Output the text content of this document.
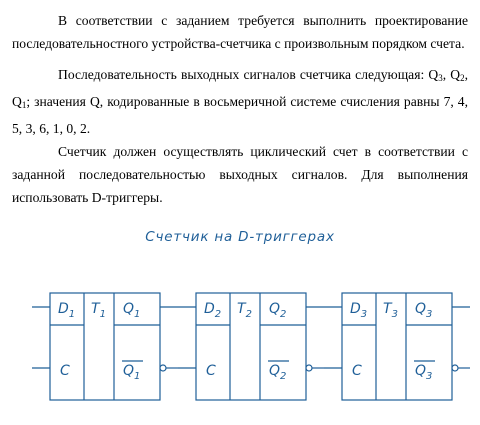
В соответствии с заданием требуется выполнить проектирование последовательностного устройства-счетчика с произвольным порядком счета.

Последовательность выходных сигналов счетчика следующая: Q3, Q2, Q1; значения Q, кодированные в восьмеричной системе счисления равны 7, 4, 5, 3, 6, 1, 0, 2.

Счетчик должен осуществлять циклический счет в соответствии с заданной последовательностью выходных сигналов. Для выполнения использовать D-триггеры.

Счетчик на D-триггерах
$D_1$ $T_1$ $Q_1$
C	$Q_1$
$D_2$ $T_2$ $Q_2$
C	$Q_2$
$D_3$ $T_3$ $Q_3$
C	$Q_3$
